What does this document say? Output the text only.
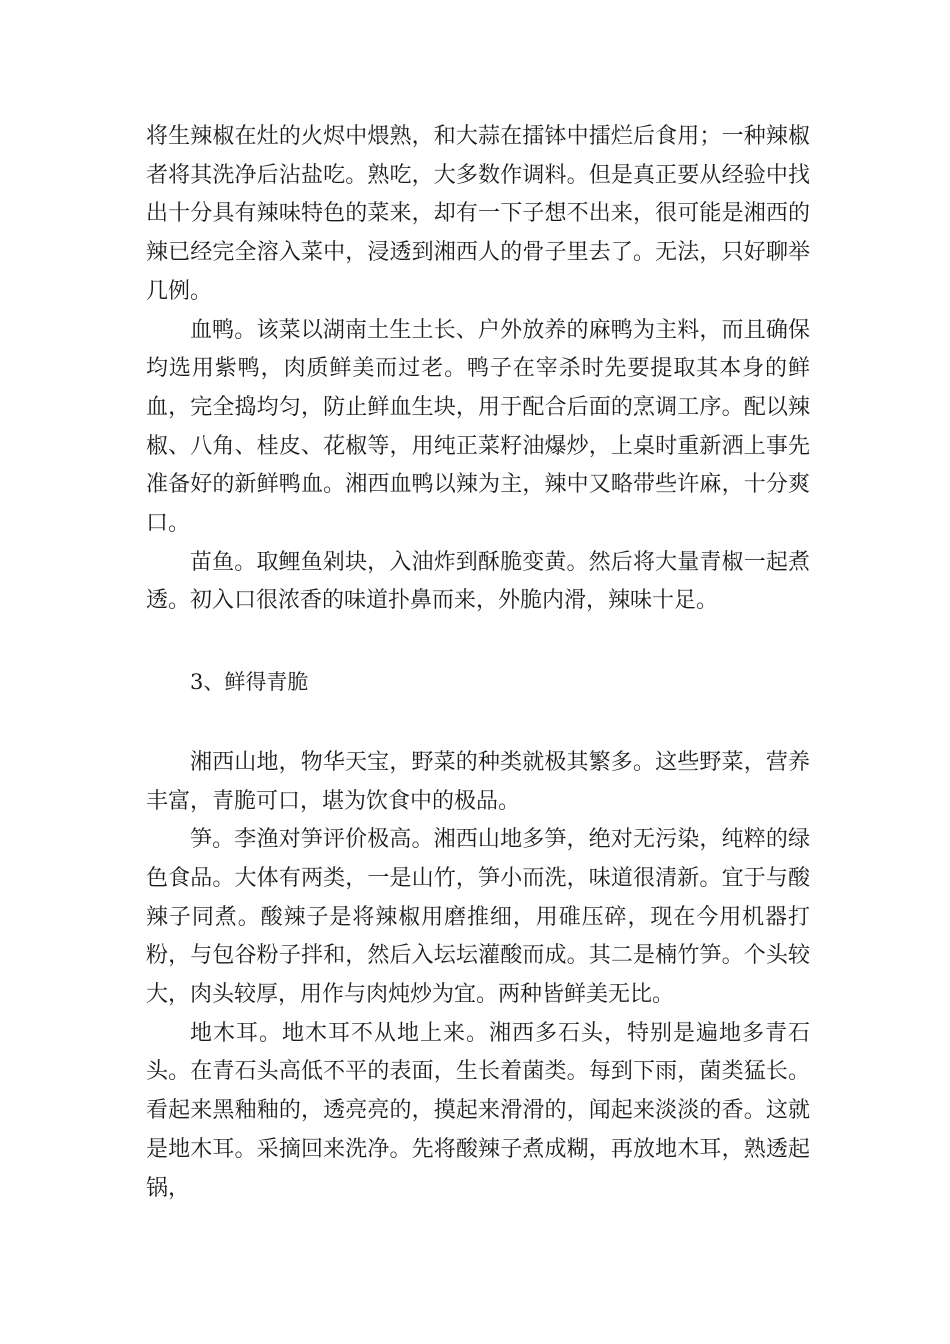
将生辣椒在灶的火烬中煨熟，和大蒜在擂钵中擂烂后食用；一种辣椒者将其洗净后沾盐吃。熟吃，大多数作调料。但是真正要从经验中找出十分具有辣味特色的菜来，却有一下子想不出来，很可能是湘西的辣已经完全溶入菜中，浸透到湘西人的骨子里去了。无法，只好聊举几例。

血鸭。该菜以湖南土生土长、户外放养的麻鸭为主料，而且确保均选用紫鸭，肉质鲜美而过老。鸭子在宰杀时先要提取其本身的鲜血，完全捣均匀，防止鲜血生块，用于配合后面的烹调工序。配以辣椒、八角、桂皮、花椒等，用纯正菜籽油爆炒，上桌时重新洒上事先准备好的新鲜鸭血。湘西血鸭以辣为主，辣中又略带些许麻，十分爽口。

苗鱼。取鲤鱼剁块，入油炸到酥脆变黄。然后将大量青椒一起煮透。初入口很浓香的味道扑鼻而来，外脆内滑，辣味十足。

3、鲜得青脆

湘西山地，物华天宝，野菜的种类就极其繁多。这些野菜，营养丰富，青脆可口，堪为饮食中的极品。

笋。李渔对笋评价极高。湘西山地多笋，绝对无污染，纯粹的绿色食品。大体有两类，一是山竹，笋小而洗，味道很清新。宜于与酸辣子同煮。酸辣子是将辣椒用磨推细，用碓压碎，现在今用机器打粉，与包谷粉子拌和，然后入坛坛灌酸而成。其二是楠竹笋。个头较大，肉头较厚，用作与肉炖炒为宜。两种皆鲜美无比。

地木耳。地木耳不从地上来。湘西多石头，特别是遍地多青石头。在青石头高低不平的表面，生长着菌类。每到下雨，菌类猛长。看起来黑釉釉的，透亮亮的，摸起来滑滑的，闻起来淡淡的香。这就是地木耳。采摘回来洗净。先将酸辣子煮成糊，再放地木耳，熟透起锅，
